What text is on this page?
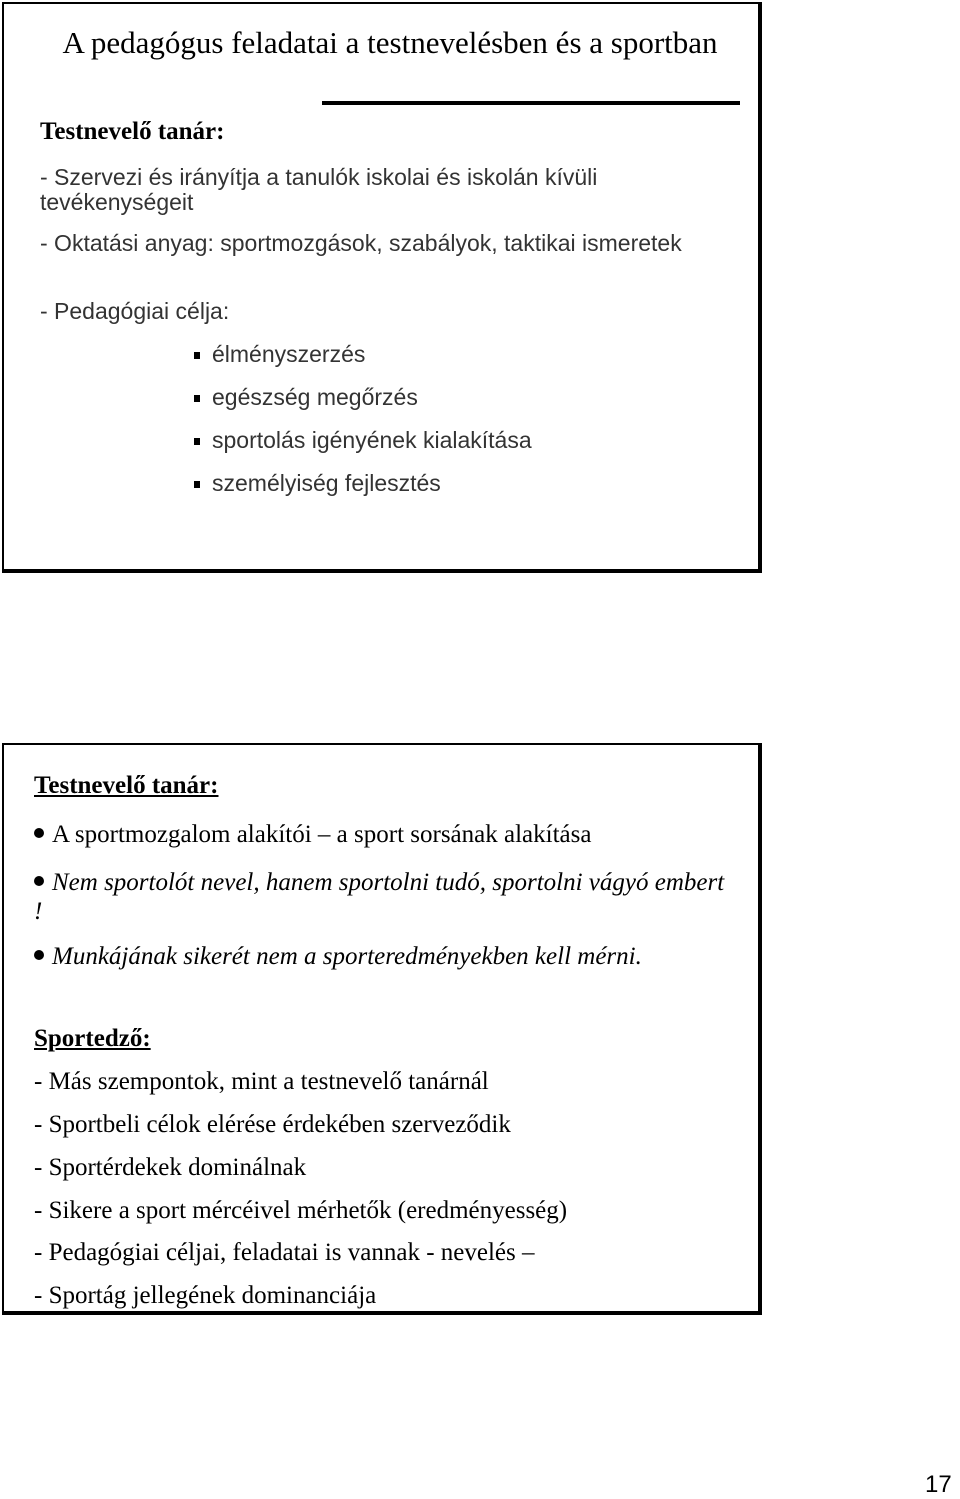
A pedagógus feladatai a testnevelésben és a sportban
Testnevelő tanár:
- Szervezi és irányítja a tanulók iskolai és iskolán kívüli tevékenységeit
- Oktatási anyag: sportmozgások, szabályok, taktikai ismeretek
- Pedagógiai célja:
élményszerzés
egészség megőrzés
sportolás igényének kialakítása
személyiség fejlesztés
Testnevelő tanár:
A sportmozgalom alakítói – a sport sorsának alakítása
Nem sportolót nevel, hanem sportolni tudó, sportolni vágyó embert !
Munkájának sikerét nem a sporteredményekben kell mérni.
Sportedző:
- Más szempontok, mint a testnevelő tanárnál
- Sportbeli célok elérése érdekében szerveződik
- Sportérdekek dominálnak
- Sikere a sport mércéivel mérhetők (eredményesség)
- Pedagógiai céljai, feladatai is vannak - nevelés –
- Sportág jellegének dominanciája
17
